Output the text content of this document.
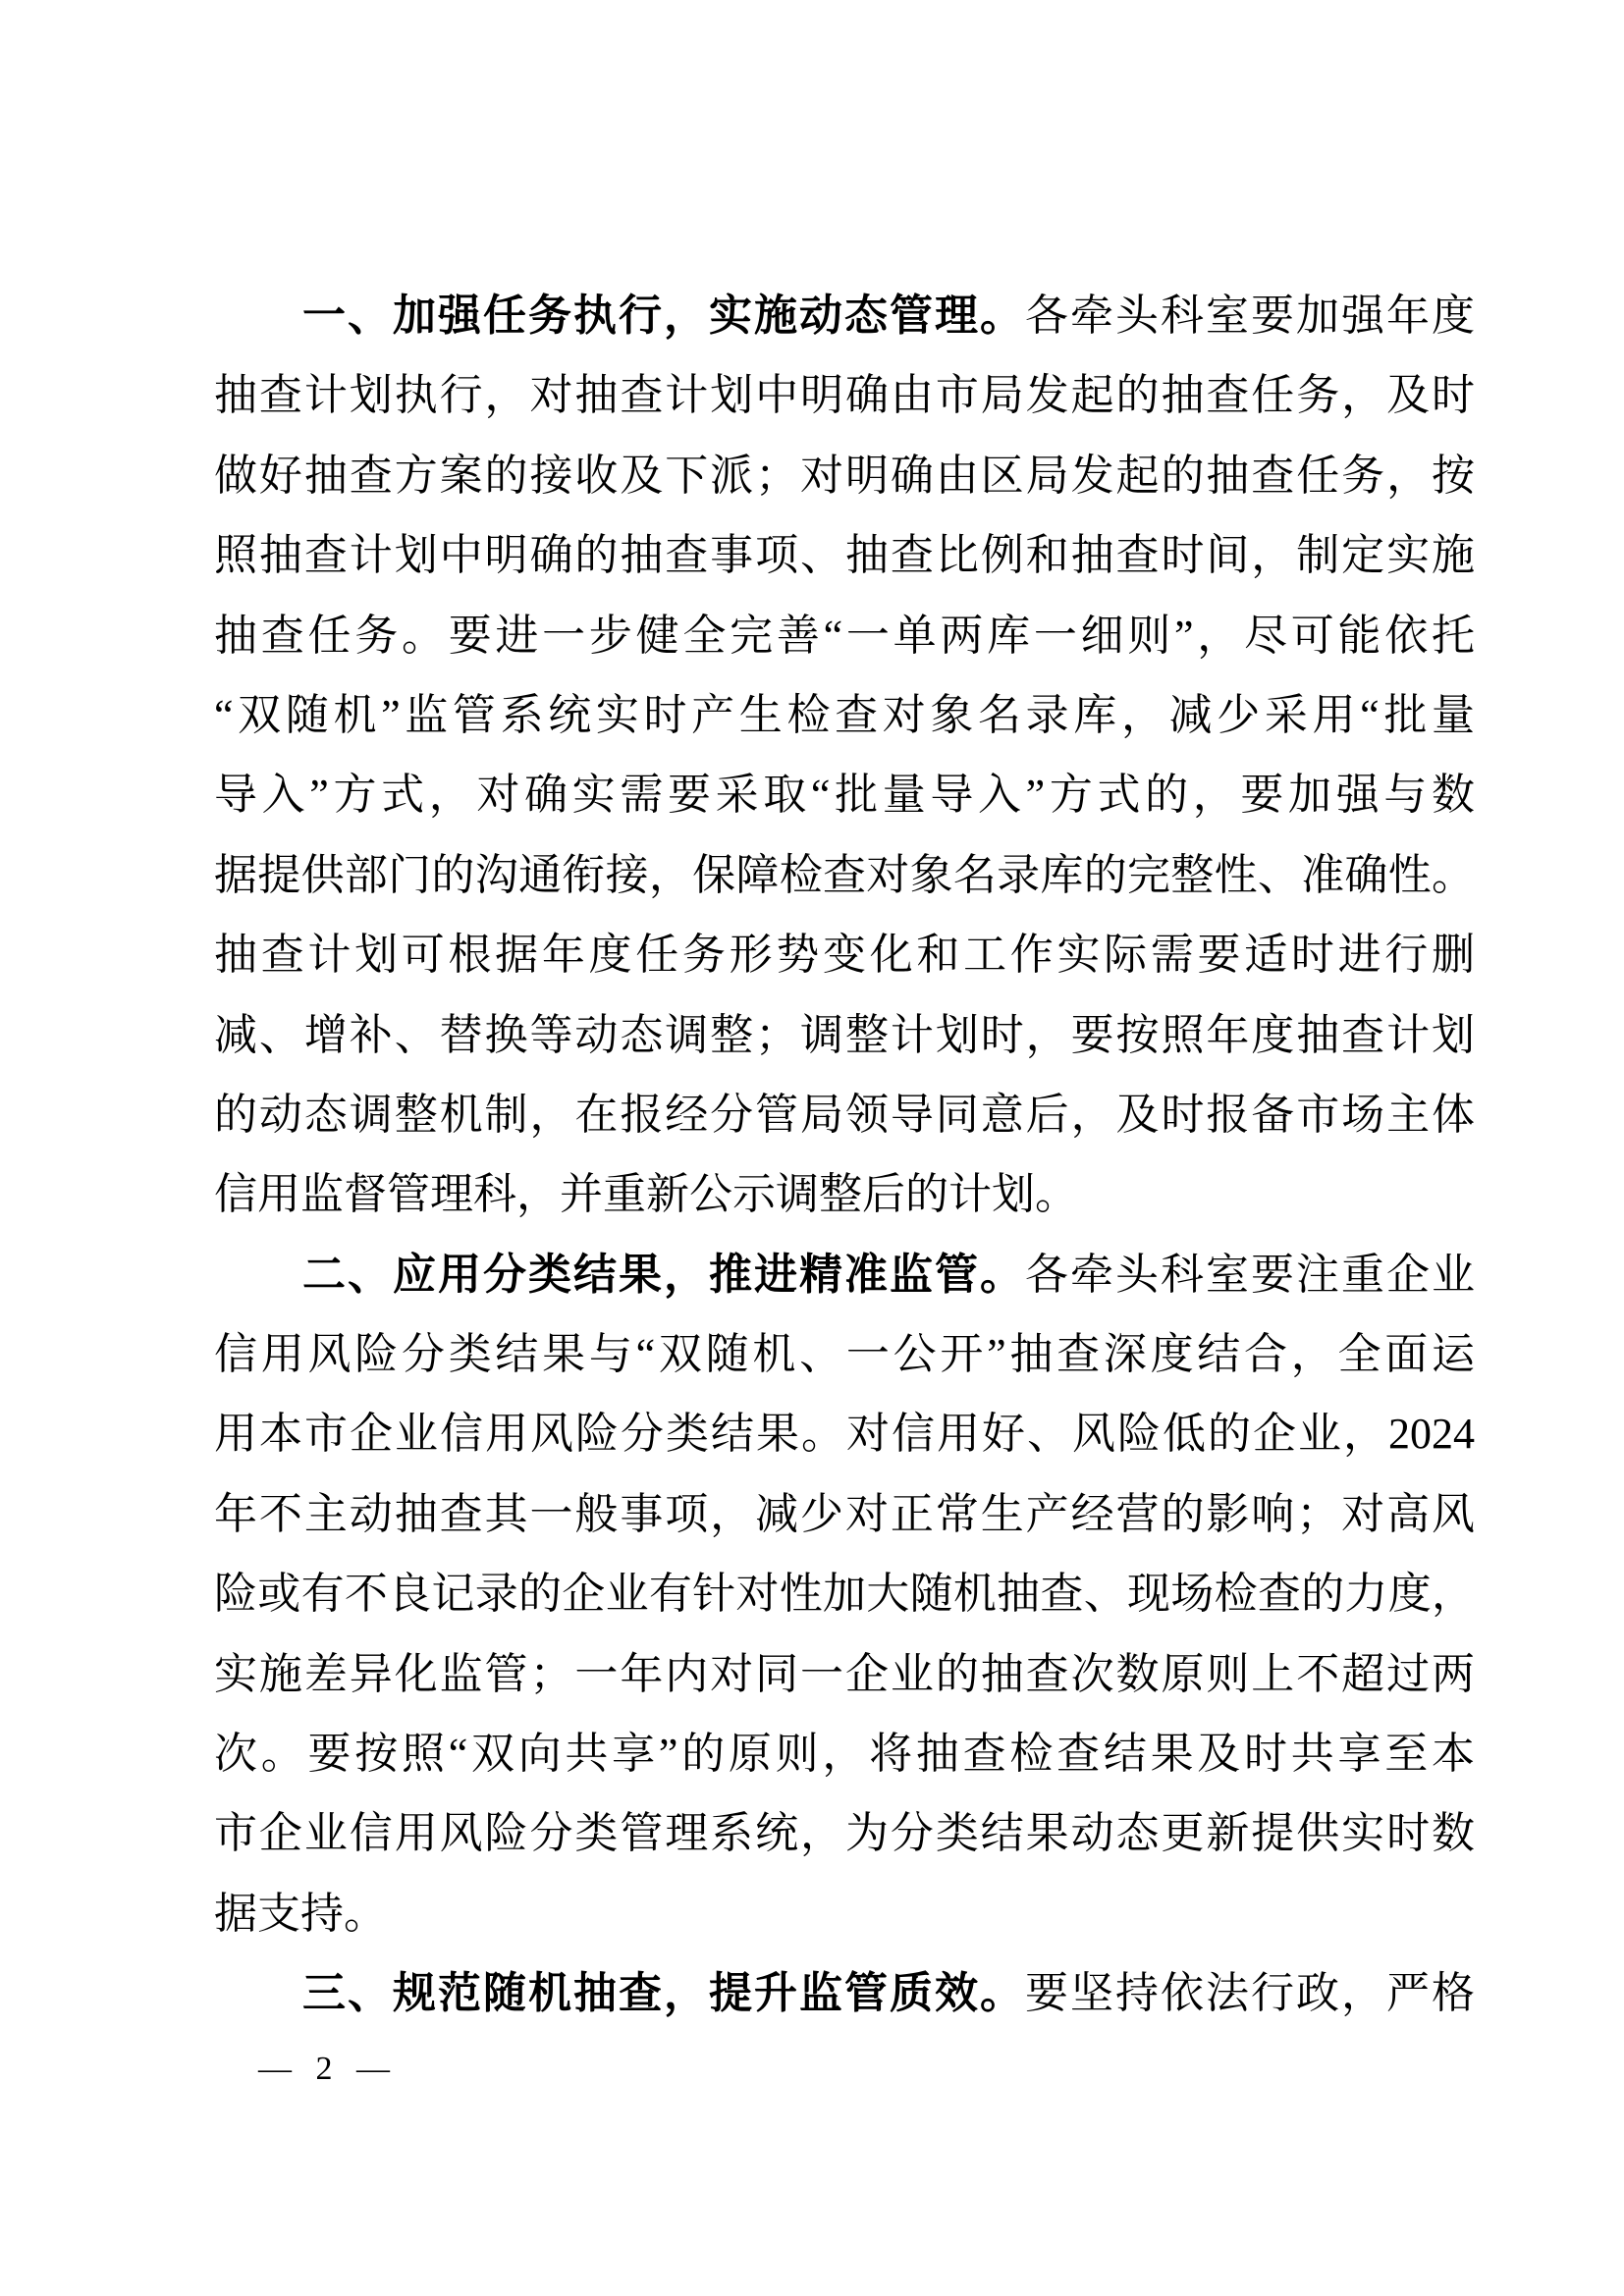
一、加强任务执行，实施动态管理。各牵头科室要加强年度
抽查计划执行，对抽查计划中明确由市局发起的抽查任务，及时
做好抽查方案的接收及下派；对明确由区局发起的抽查任务，按
照抽查计划中明确的抽查事项、抽查比例和抽查时间，制定实施
抽查任务。要进一步健全完善“一单两库一细则”，尽可能依托
“双随机”监管系统实时产生检查对象名录库，减少采用“批量
导入”方式，对确实需要采取“批量导入”方式的，要加强与数
据提供部门的沟通衔接，保障检查对象名录库的完整性、准确性。
抽查计划可根据年度任务形势变化和工作实际需要适时进行删
减、增补、替换等动态调整；调整计划时，要按照年度抽查计划
的动态调整机制，在报经分管局领导同意后，及时报备市场主体
信用监督管理科，并重新公示调整后的计划。
二、应用分类结果，推进精准监管。各牵头科室要注重企业
信用风险分类结果与“双随机、一公开”抽查深度结合，全面运
用本市企业信用风险分类结果。对信用好、风险低的企业，2024
年不主动抽查其一般事项，减少对正常生产经营的影响；对高风
险或有不良记录的企业有针对性加大随机抽查、现场检查的力度，
实施差异化监管；一年内对同一企业的抽查次数原则上不超过两
次。要按照“双向共享”的原则，将抽查检查结果及时共享至本
市企业信用风险分类管理系统，为分类结果动态更新提供实时数
据支持。
三、规范随机抽查，提升监管质效。要坚持依法行政，严格
— 2 —
